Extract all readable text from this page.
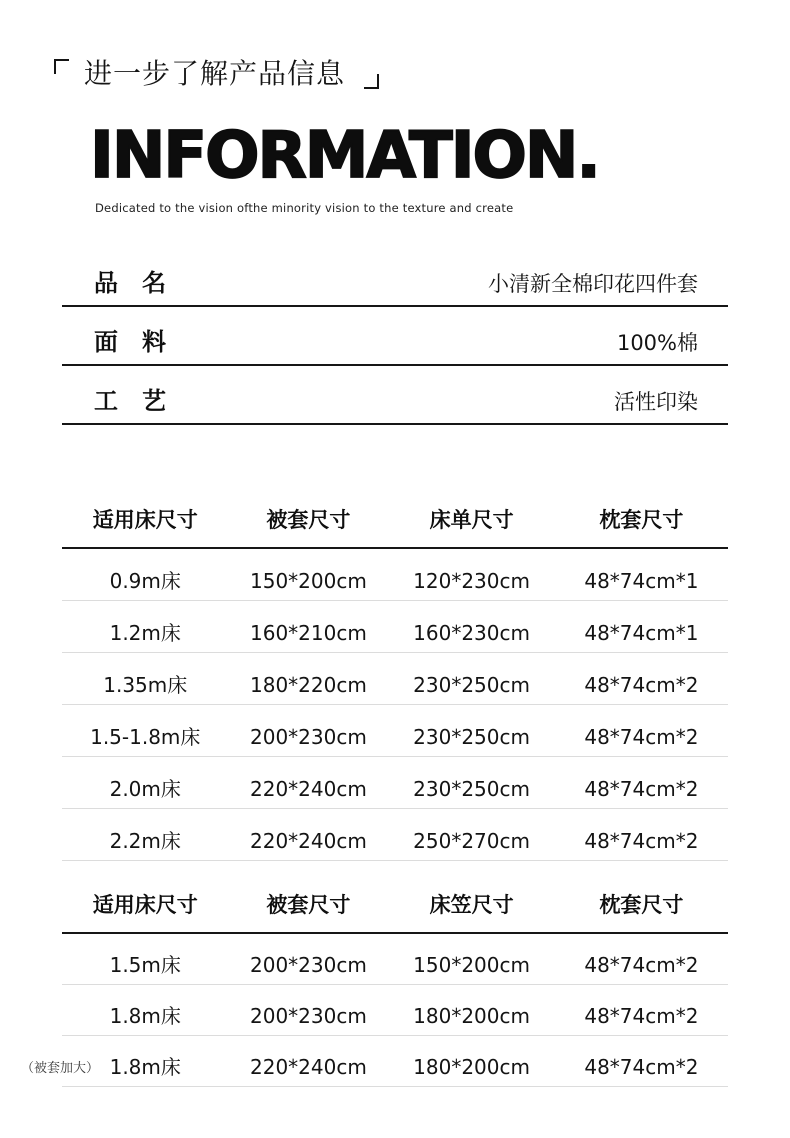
进一步了解产品信息
INFORMATION.
Dedicated to the vision ofthe minority vision to the texture and create
品　名	小清新全棉印花四件套
面　料	100%棉
工　艺	活性印染
适用床尺寸	被套尺寸	床单尺寸	枕套尺寸
0.9m床	150*200cm	120*230cm	48*74cm*1
1.2m床	160*210cm	160*230cm	48*74cm*1
1.35m床	180*220cm	230*250cm	48*74cm*2
1.5-1.8m床	200*230cm	230*250cm	48*74cm*2
2.0m床	220*240cm	230*250cm	48*74cm*2
2.2m床	220*240cm	250*270cm	48*74cm*2
适用床尺寸	被套尺寸	床笠尺寸	枕套尺寸
1.5m床	200*230cm	150*200cm	48*74cm*2
1.8m床	200*230cm	180*200cm	48*74cm*2
（被套加大） 1.8m床	220*240cm	180*200cm	48*74cm*2
